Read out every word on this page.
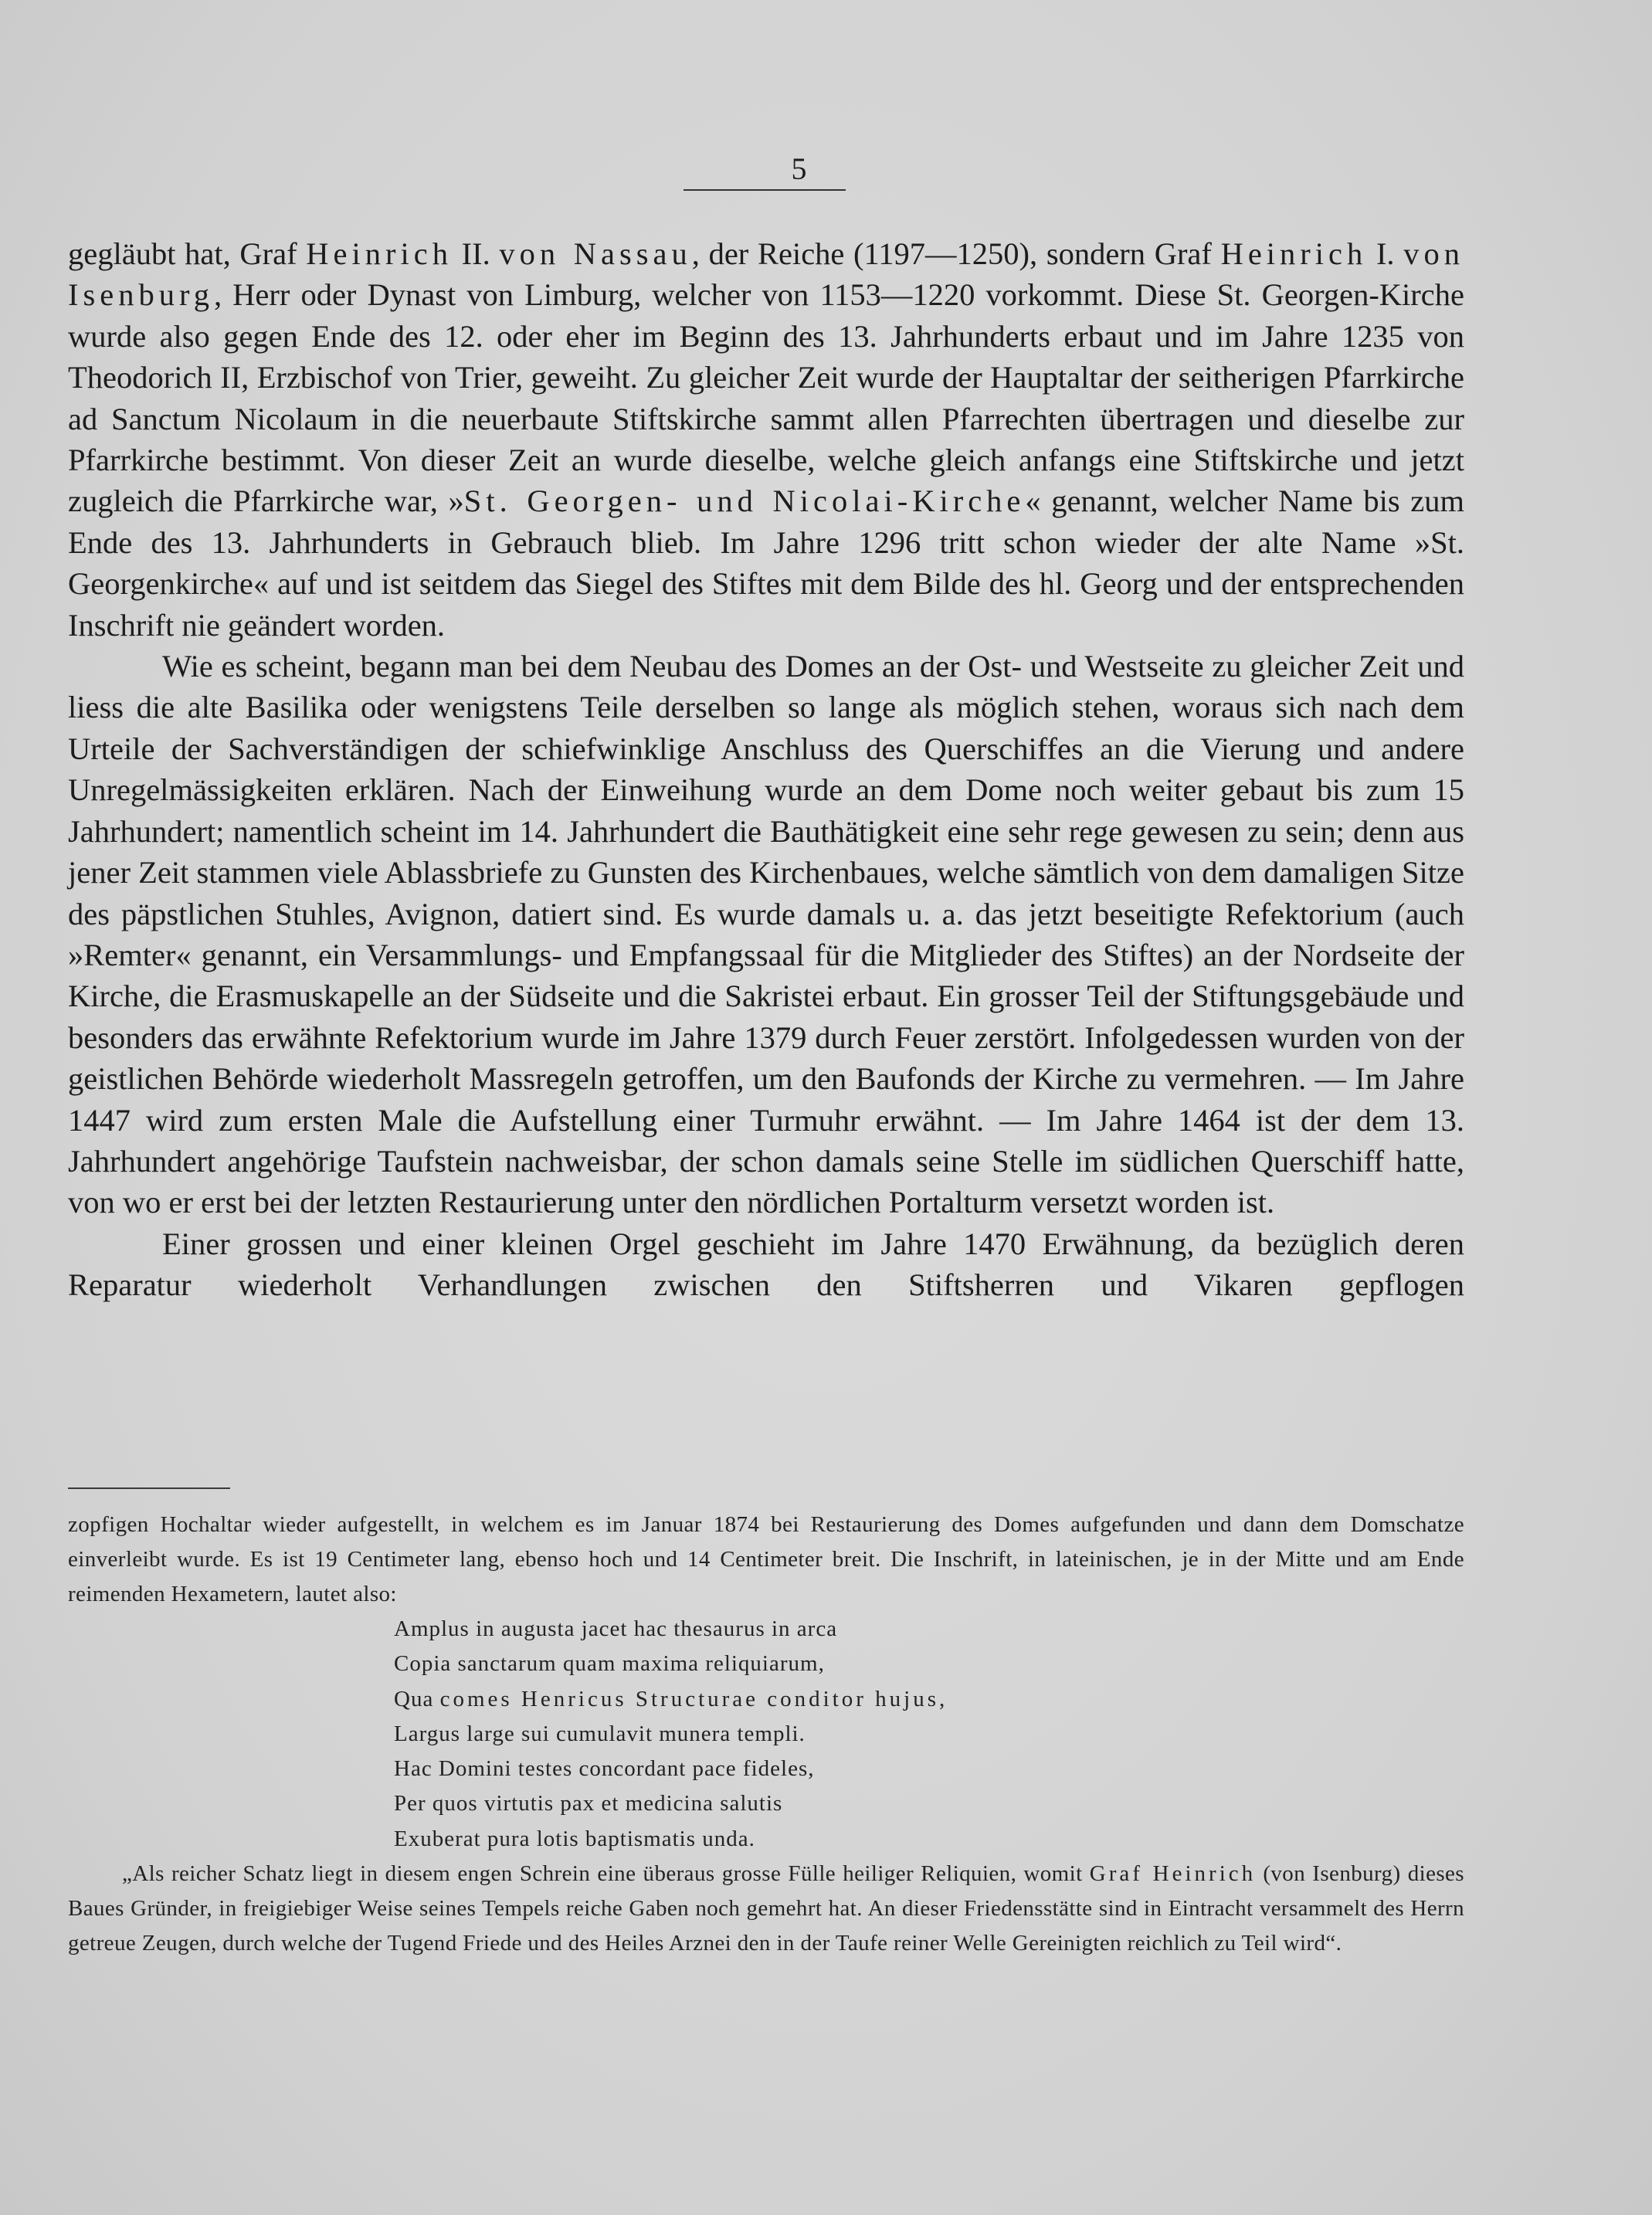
5

gegläubt hat, Graf Heinrich II. von Nassau, der Reiche (1197—1250), sondern Graf Heinrich I. von Isenburg, Herr oder Dynast von Limburg, welcher von 1153—1220 vorkommt. Diese St. Georgen-Kirche wurde also gegen Ende des 12. oder eher im Beginn des 13. Jahrhunderts erbaut und im Jahre 1235 von Theodorich II, Erzbischof von Trier, geweiht. Zu gleicher Zeit wurde der Hauptaltar der seitherigen Pfarrkirche ad Sanctum Nicolaum in die neuerbaute Stiftskirche sammt allen Pfarrechten übertragen und dieselbe zur Pfarrkirche bestimmt. Von dieser Zeit an wurde dieselbe, welche gleich anfangs eine Stiftskirche und jetzt zugleich die Pfarrkirche war, »St. Georgen- und Nicolai-Kirche« genannt, welcher Name bis zum Ende des 13. Jahrhunderts in Gebrauch blieb. Im Jahre 1296 tritt schon wieder der alte Name »St. Georgenkirche« auf und ist seitdem das Siegel des Stiftes mit dem Bilde des hl. Georg und der entsprechenden Inschrift nie geändert worden.

Wie es scheint, begann man bei dem Neubau des Domes an der Ost- und Westseite zu gleicher Zeit und liess die alte Basilika oder wenigstens Teile derselben so lange als möglich stehen, woraus sich nach dem Urteile der Sachverständigen der schiefwinklige Anschluss des Querschiffes an die Vierung und andere Unregelmässigkeiten erklären. Nach der Einweihung wurde an dem Dome noch weiter gebaut bis zum 15 Jahrhundert; namentlich scheint im 14. Jahrhundert die Bauthätigkeit eine sehr rege gewesen zu sein; denn aus jener Zeit stammen viele Ablassbriefe zu Gunsten des Kirchenbaues, welche sämtlich von dem damaligen Sitze des päpstlichen Stuhles, Avignon, datiert sind. Es wurde damals u. a. das jetzt beseitigte Refektorium (auch »Remter« genannt, ein Versammlungs- und Empfangssaal für die Mitglieder des Stiftes) an der Nordseite der Kirche, die Erasmuskapelle an der Südseite und die Sakristei erbaut. Ein grosser Teil der Stiftungsgebäude und besonders das erwähnte Refektorium wurde im Jahre 1379 durch Feuer zerstört. Infolgedessen wurden von der geistlichen Behörde wiederholt Massregeln getroffen, um den Baufonds der Kirche zu vermehren. — Im Jahre 1447 wird zum ersten Male die Aufstellung einer Turmuhr erwähnt. — Im Jahre 1464 ist der dem 13. Jahrhundert angehörige Taufstein nachweisbar, der schon damals seine Stelle im südlichen Querschiff hatte, von wo er erst bei der letzten Restaurierung unter den nördlichen Portalturm versetzt worden ist.

Einer grossen und einer kleinen Orgel geschieht im Jahre 1470 Erwähnung, da bezüglich deren Reparatur wiederholt Verhandlungen zwischen den Stiftsherren und Vikaren gepflogen

zopfigen Hochaltar wieder aufgestellt, in welchem es im Januar 1874 bei Restaurierung des Domes aufgefunden und dann dem Domschatze einverleibt wurde. Es ist 19 Centimeter lang, ebenso hoch und 14 Centimeter breit. Die Inschrift, in lateinischen, je in der Mitte und am Ende reimenden Hexametern, lautet also:

Amplus in augusta jacet hac thesaurus in arca
Copia sanctarum quam maxima reliquiarum,
Qua comes Henricus Structurae conditor hujus,
Largus large sui cumulavit munera templi.
Hac Domini testes concordant pace fideles,
Per quos virtutis pax et medicina salutis
Exuberat pura lotis baptismatis unda.

„Als reicher Schatz liegt in diesem engen Schrein eine überaus grosse Fülle heiliger Reliquien, womit Graf Heinrich (von Isenburg) dieses Baues Gründer, in freigiebiger Weise seines Tempels reiche Gaben noch gemehrt hat. An dieser Friedensstätte sind in Eintracht versammelt des Herrn getreue Zeugen, durch welche der Tugend Friede und des Heiles Arznei den in der Taufe reiner Welle Gereinigten reichlich zu Teil wird“.
